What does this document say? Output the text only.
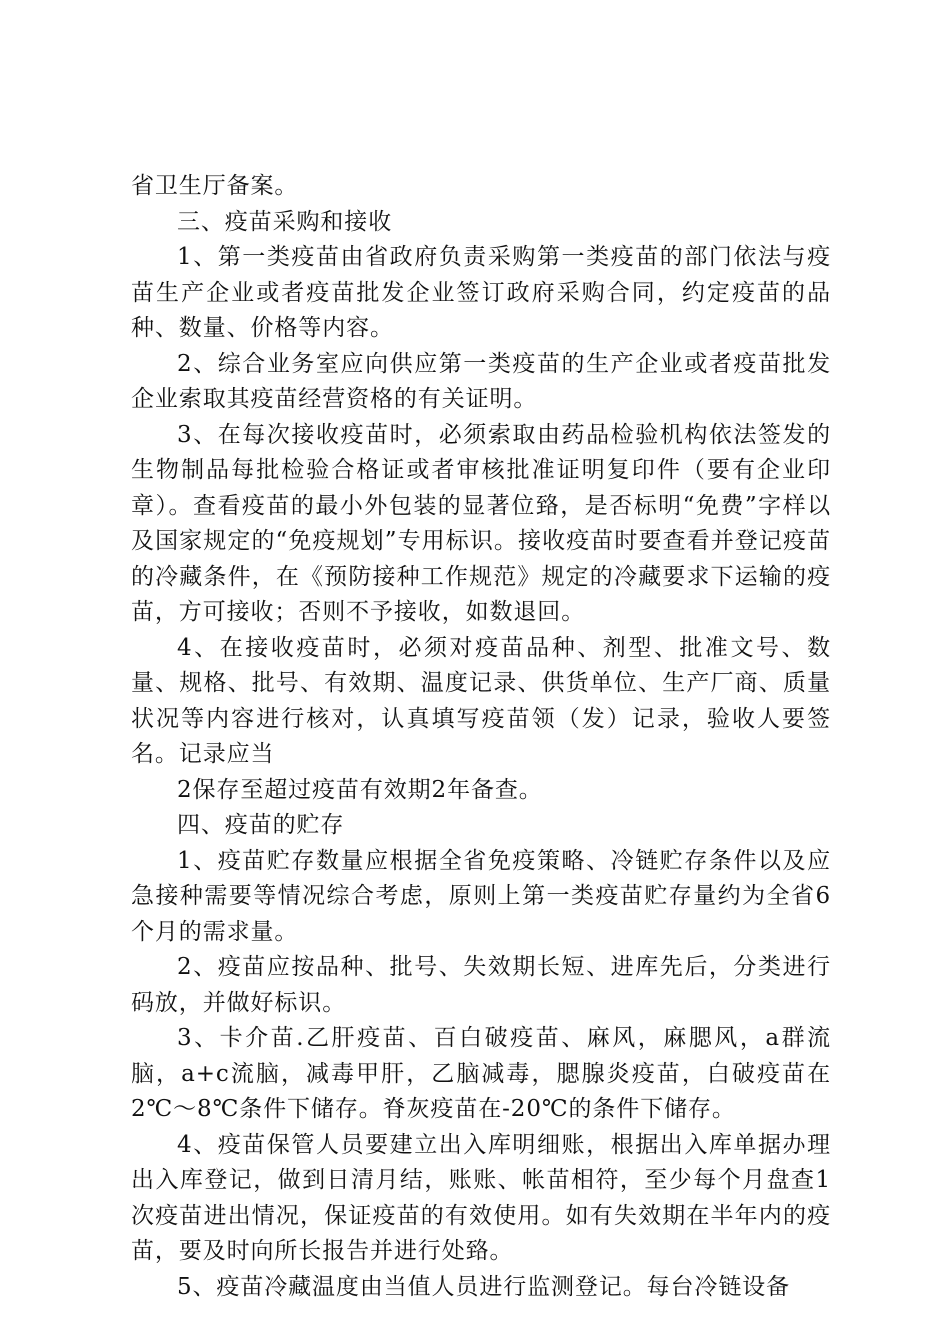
省卫生厅备案。

三、疫苗采购和接收

1、第一类疫苗由省政府负责采购第一类疫苗的部门依法与疫苗生产企业或者疫苗批发企业签订政府采购合同，约定疫苗的品种、数量、价格等内容。

2、综合业务室应向供应第一类疫苗的生产企业或者疫苗批发企业索取其疫苗经营资格的有关证明。

3、在每次接收疫苗时，必须索取由药品检验机构依法签发的生物制品每批检验合格证或者审核批准证明复印件（要有企业印章）。查看疫苗的最小外包装的显著位臵，是否标明“免费”字样以及国家规定的“免疫规划”专用标识。接收疫苗时要查看并登记疫苗的冷藏条件，在《预防接种工作规范》规定的冷藏要求下运输的疫苗，方可接收；否则不予接收，如数退回。

4、在接收疫苗时，必须对疫苗品种、剂型、批准文号、数量、规格、批号、有效期、温度记录、供货单位、生产厂商、质量状况等内容进行核对，认真填写疫苗领（发）记录，验收人要签名。记录应当

2保存至超过疫苗有效期2年备查。

四、疫苗的贮存

1、疫苗贮存数量应根据全省免疫策略、冷链贮存条件以及应急接种需要等情况综合考虑，原则上第一类疫苗贮存量约为全省6个月的需求量。

2、疫苗应按品种、批号、失效期长短、进库先后，分类进行码放，并做好标识。

3、卡介苗.乙肝疫苗、百白破疫苗、麻风，麻腮风，a群流脑，a+c流脑，减毒甲肝，乙脑减毒，腮腺炎疫苗，白破疫苗在2℃～8℃条件下储存。脊灰疫苗在-20℃的条件下储存。

4、疫苗保管人员要建立出入库明细账，根据出入库单据办理出入库登记，做到日清月结，账账、帐苗相符，至少每个月盘查1次疫苗进出情况，保证疫苗的有效使用。如有失效期在半年内的疫苗，要及时向所长报告并进行处臵。

5、疫苗冷藏温度由当值人员进行监测登记。每台冷链设备
